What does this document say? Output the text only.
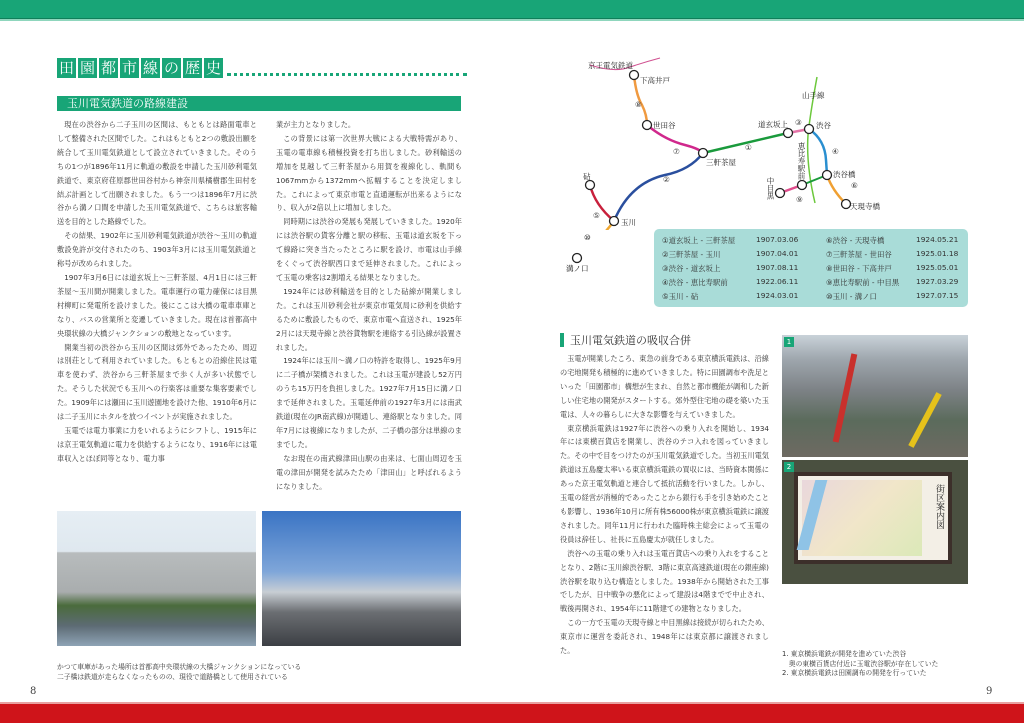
田 園 都 市 線 の 歴 史
玉川電気鉄道の路線建設

現在の渋谷から二子玉川の区間は、もともとは路面電車として整備された区間でした。これはもともと2つの敷設出願を統合して玉川電気鉄道として設立されていきました。そのうちの1つが1896年11月に軌道の敷設を申請した玉川砂利電気鉄道で、東京府荏原郡世田谷村から神奈川県橘樹郡生田村を結ぶ計画として出願されました。もう一つは1896年7月に渋谷から溝ノ口間を申請した玉川電気鉄道で、こちらは旅客輸送を目的とした路線でした。

その結果、1902年に玉川砂利電気鉄道が渋谷～玉川の軌道敷設免許が交付されたのち、1903年3月には玉川電気鉄道と称号が改められました。

1907年3月6日には道玄坂上～三軒茶屋、4月1日には三軒茶屋～玉川間が開業しました。電車運行の電力確保には目黒村柳町に発電所を設けました。後にここは大橋の電車車庫となり、バスの営業所と変遷していきました。現在は首都高中央環状線の大橋ジャンクションの敷地となっています。

開業当初の渋谷から玉川の区間は郊外であったため、周辺は別荘として利用されていました。もともとの沿線住民は電車を使わず、渋谷から三軒茶屋まで歩く人が多い状態でした。そうした状況でも玉川への行楽客は重要な集客要素でした。1909年には瀬田に玉川遊園地を設けた他、1910年6月には二子玉川にホタルを放つイベントが実施されました。

玉電では電力事業に力をいれるようにシフトし、1915年には京王電気軌道に電力を供給するようになり、1916年には電車収入とほぼ同等となり、電力事

業が主力となりました。

この背景には第一次世界大戦による大戦特需があり、玉電の電車線も積極投資を打ち出しました。砂利輸送の増加を見越して三軒茶屋から用賀を複線化し、軌間も1067mmから1372mmへ拡幅することを決定しました。これによって東京市電と直通運転が出来るようになり、収入が2倍以上に増加しました。

同時期には渋谷の発展も発展していきました。1920年には渋谷駅の貨客分離と駅の移転、玉電は道玄坂を下って線路に突き当たったところに駅を設け、市電は山手線をくぐって渋谷駅西口まで延伸されました。これによって玉電の乗客は2割増える結果となりました。

1924年には砂利輸送を目的とした砧線が開業しました。これは玉川砂利会社が東京市電気局に砂利を供給するために敷設したもので、東京市電へ直送され、1925年2月には天現寺線と渋谷貨物駅を連絡する引込線が設置されました。

1924年には玉川～溝ノ口の特許を取得し、1925年9月に二子橋が架橋されました。これは玉電が建設し52万円のうち15万円を負担しました。1927年7月15日に溝ノ口まで延伸されました。玉電延伸前の1927年3月には南武鉄道(現在のJR南武線)が開通し、連絡駅となりました。同年7月には複線になりましたが、二子橋の部分は単線のままでした。

なお現在の南武線津田山駅の由来は、七面山周辺を玉電の津田が開発を試みたため「津田山」と呼ばれるようになりました。

かつて車庫があった場所は首都高中央環状線の大橋ジャンクションになっている
二子橋は鉄道が走らなくなったものの、現役で道路橋として使用されている
京王電気鉄道
下高井戸
世田谷
三軒茶屋
道玄坂上	渋谷
山手線
恵比寿駅前	渋谷橋
中目黒
天現寺橋
砧
玉川
①
②
③
④
⑤
⑥
⑦
⑧
⑨
⑩
溝ノ口
①道玄坂上 - 三軒茶屋	1907.03.06
②三軒茶屋 - 玉川	1907.04.01
③渋谷 - 道玄坂上	1907.08.11
④渋谷 - 恵比寿駅前	1922.06.11
⑤玉川 - 砧	1924.03.01
⑥渋谷 - 天現寺橋	1924.05.21
⑦三軒茶屋 - 世田谷	1925.01.18
⑧世田谷 - 下高井戸	1925.05.01
⑨恵比寿駅前 - 中目黒 1927.03.29
⑩玉川 - 溝ノ口	1927.07.15
玉川電気鉄道の吸収合併

玉電が開業したころ、東急の前身である東京横浜電鉄は、沿線の宅地開発も積極的に進めていきました。特に田園調布や洗足といった「田園都市」構想が生まれ、自然と都市機能が調和した新しい住宅地の開発がスタートする。郊外型住宅地の礎を築いた玉電は、人々の暮らしに大きな影響を与えていきました。

東京横浜電鉄は1927年に渋谷への乗り入れを開始し、1934年には東横百貨店を開業し、渋谷のテコ入れを図っていきました。その中で目をつけたのが玉川電気鉄道でした。当初玉川電気鉄道は五島慶太率いる東京横浜電鉄の買収には、当時資本関係にあった京王電気軌道と連合して抵抗活動を行いました。しかし、玉電の経営が消極的であったことから銀行も手を引き始めたことも影響し、1936年10月に所有株56000株が東京横浜電鉄に譲渡されました。同年11月に行われた臨時株主総会によって玉電の役員は辞任し、社長に五島慶太が就任しました。

渋谷への玉電の乗り入れは玉電百貨店への乗り入れをすることとなり、2階に玉川線渋谷駅、3階に東京高速鉄道(現在の銀座線)渋谷駅を取り込む構造としました。1938年から開始された工事でしたが、日中戦争の悪化によって建設は4階までで中止され、戦後再開され、1954年に11階建ての建物となりました。

この一方で玉電の天現寺線と中目黒線は接続が切られたため、東京市に運営を委託され、1948年には東京都に譲渡されました。

1
街区案内図
2
1. 東京横浜電鉄が開発を進めていた渋谷
　奥の東横百貨店付近に玉電渋谷駅が存在していた
2. 東京横浜電鉄は田園調布の開発を行っていた
8	9
